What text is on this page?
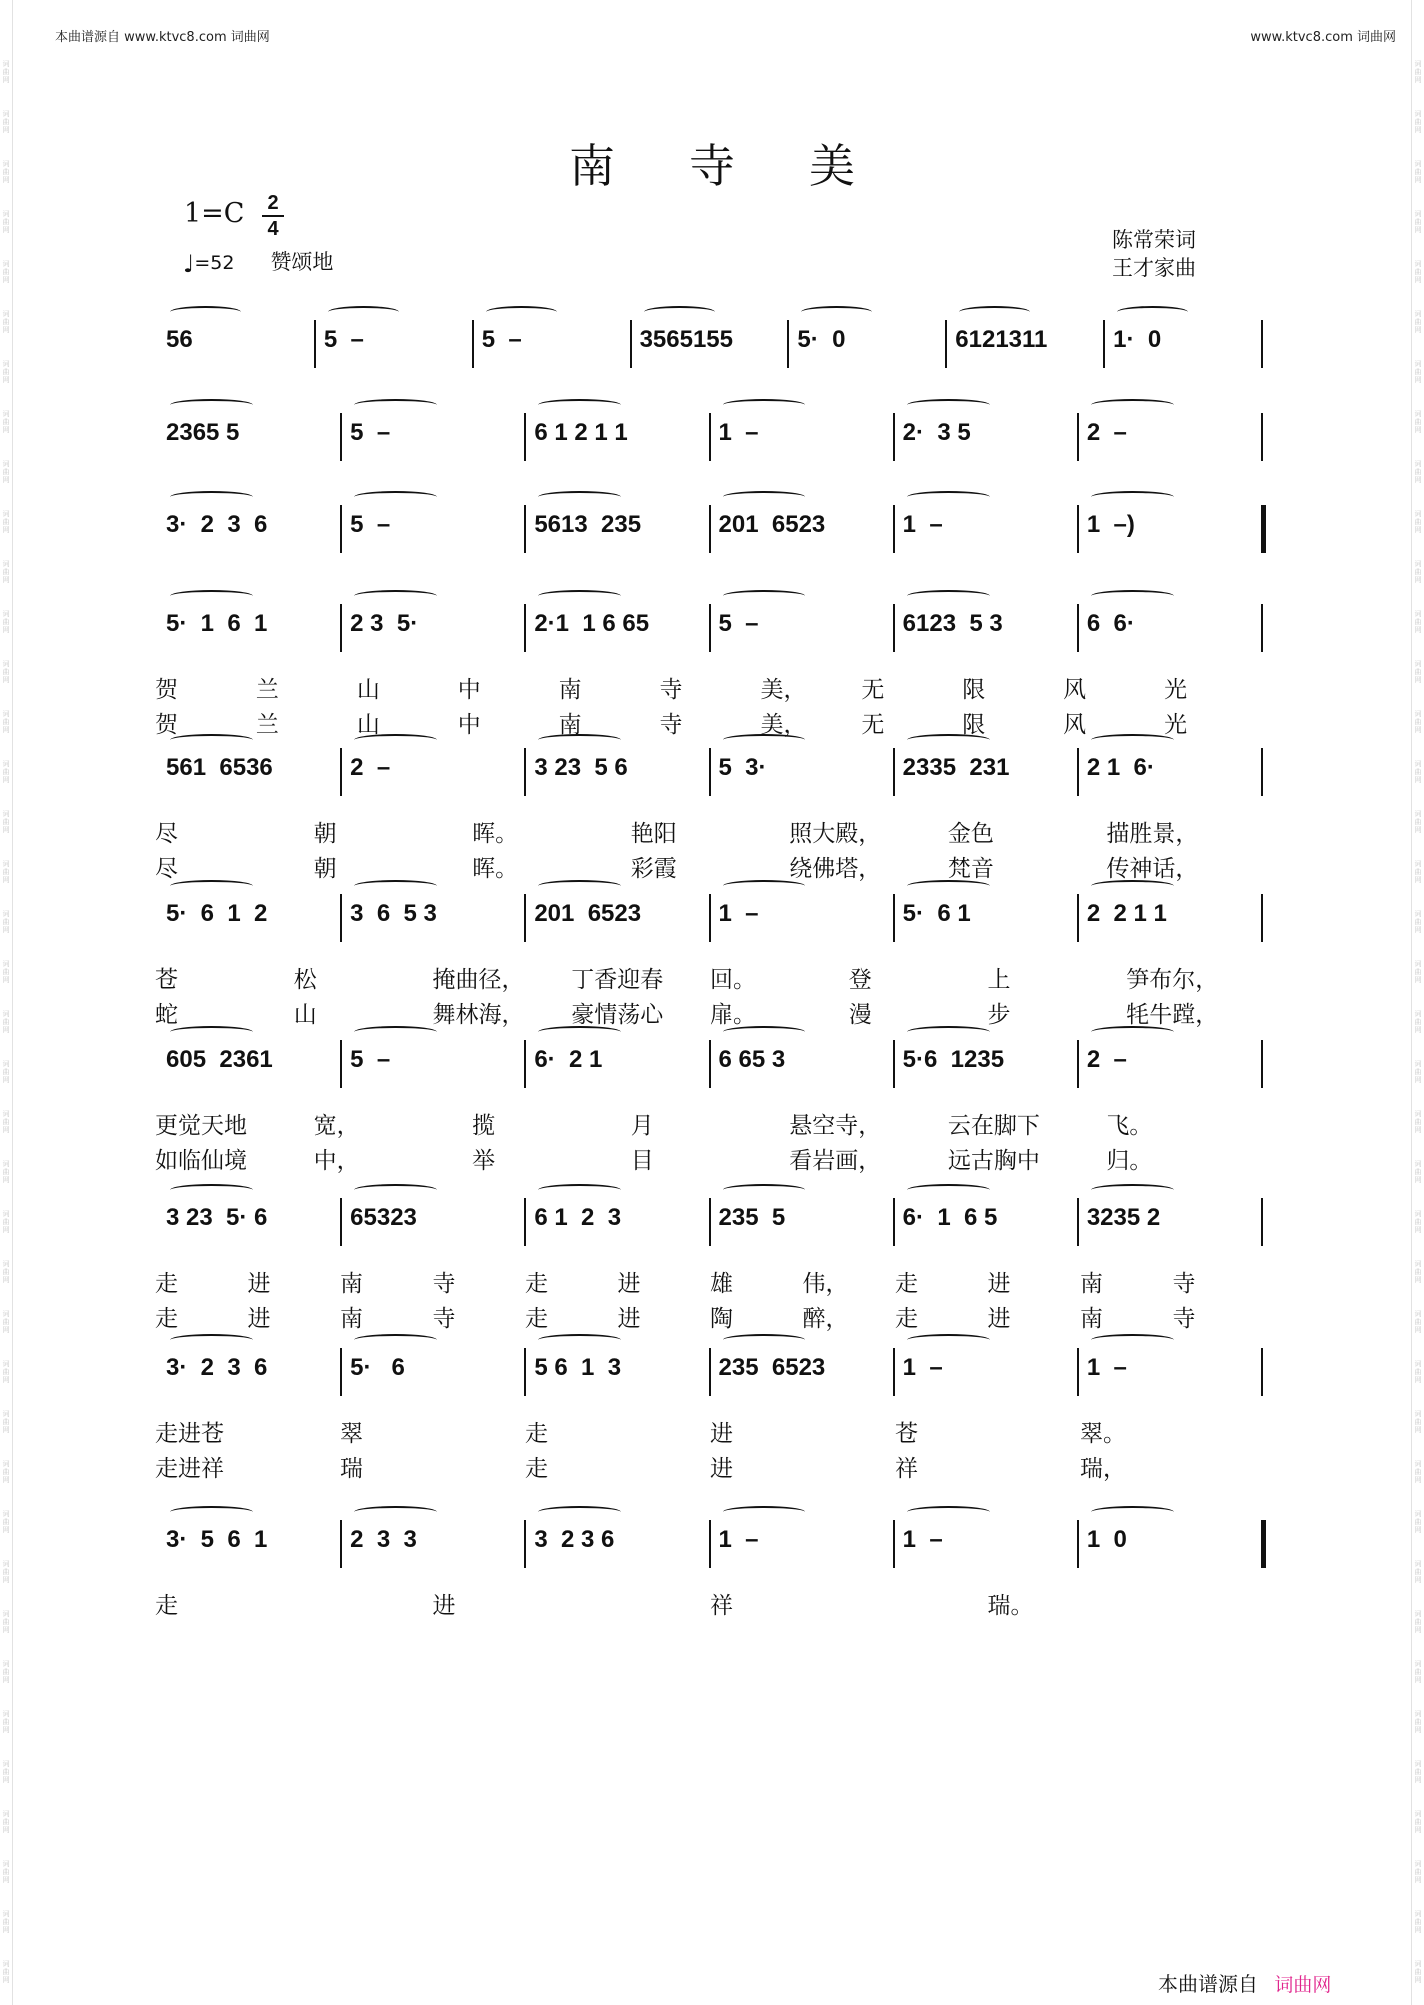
词
曲
网
词
曲
网
词
曲
网
词
曲
网
词
曲
网
词
曲
网
词
曲
网
词
曲
网
词
曲
网
词
曲
网
词
曲
网
词
曲
网
词
曲
网
词
曲
网
词
曲
网
词
曲
网
词
曲
网
词
曲
网
词
曲
网
词
曲
网
词
曲
网
词
曲
网
词
曲
网
词
曲
网
词
曲
网
词
曲
网
词
曲
网
词
曲
网
词
曲
网
词
曲
网
词
曲
网
词
曲
网
词
曲
网
词
曲
网
词
曲
网
词
曲
网
词
曲
网
词
曲
网
词
曲
网
词
曲
网
词
曲
网
词
曲
网
词
曲
网
词
曲
网
词
曲
网
词
曲
网
词
曲
网
词
曲
网
词
曲
网
词
曲
网
词
曲
网
词
曲
网
词
曲
网
词
曲
网
词
曲
网
词
曲
网
词
曲
网
词
曲
网
词
曲
网
词
曲
网
词
曲
网
词
曲
网
词
曲
网
词
曲
网
词
曲
网
词
曲
网
词
曲
网
词
曲
网
词
曲
网
词
曲
网
词
曲
网
词
曲
网
词
曲
网
词
曲
网
词
曲
网
词
曲
网
词
曲
网
词
曲
网
本曲谱源自 www.ktvc8.com 词曲网	www.ktvc8.com 词曲网
南寺美
1=C 2
4
♩=52 赞颂地
陈常荣词
王才家曲
56	5  –	5  –	3565155	5·  0	6121311	1·  0
2365 5	5  –	6 1 2 1 1	1  –	2·  3 5	2  –
3·  2  3  6	5  –	5613  235	201  6523	1  –	1  –)
5·  1  6  1	2 3  5·	2·1  1 6 65	5  –	6123  5 3	6  6·
贺	兰	山	中	南	寺	美， 无	限	风	光
贺	兰	山	中	南	寺	美， 无	限	风	光
561  6536	2  –	3 23  5 6	5  3·	2335  231	2 1  6·
尽	朝	晖。	艳阳	照大殿，	金色	描胜景，
尽	朝	晖。	彩霞	绕佛塔，	梵音	传神话，
5·  6  1  2	3  6  5 3	201  6523	1  –	5·  6 1	2  2 1 1
苍	松	掩曲径， 丁香迎春 回。	登	上	笋布尔，
蛇	山	舞林海， 豪情荡心 扉。	漫	步	牦牛蹚，
605  2361	5  –	6·  2 1	6 65 3	5·6  1235	2  –
更觉天地	宽，	揽	月	悬空寺，	云在脚下	飞。
如临仙境	中，	举	目	看岩画，	远古胸中	归。
3 23  5· 6	65323	6 1  2  3	235  5	6·  1  6 5	3235 2
走	进	南	寺	走	进	雄	伟， 走	进	南	寺
走	进	南	寺	走	进	陶	醉， 走	进	南	寺
3·  2  3  6	5·   6	5 6  1  3	235  6523	1  –	1  –
走进苍	翠	走	进	苍	翠。
走进祥	瑞	走	进	祥	瑞，
3·  5  6  1	2  3  3	3  2 3 6	1  –	1  –	1  0
走	进	祥	瑞。
本曲谱源自 词曲网
